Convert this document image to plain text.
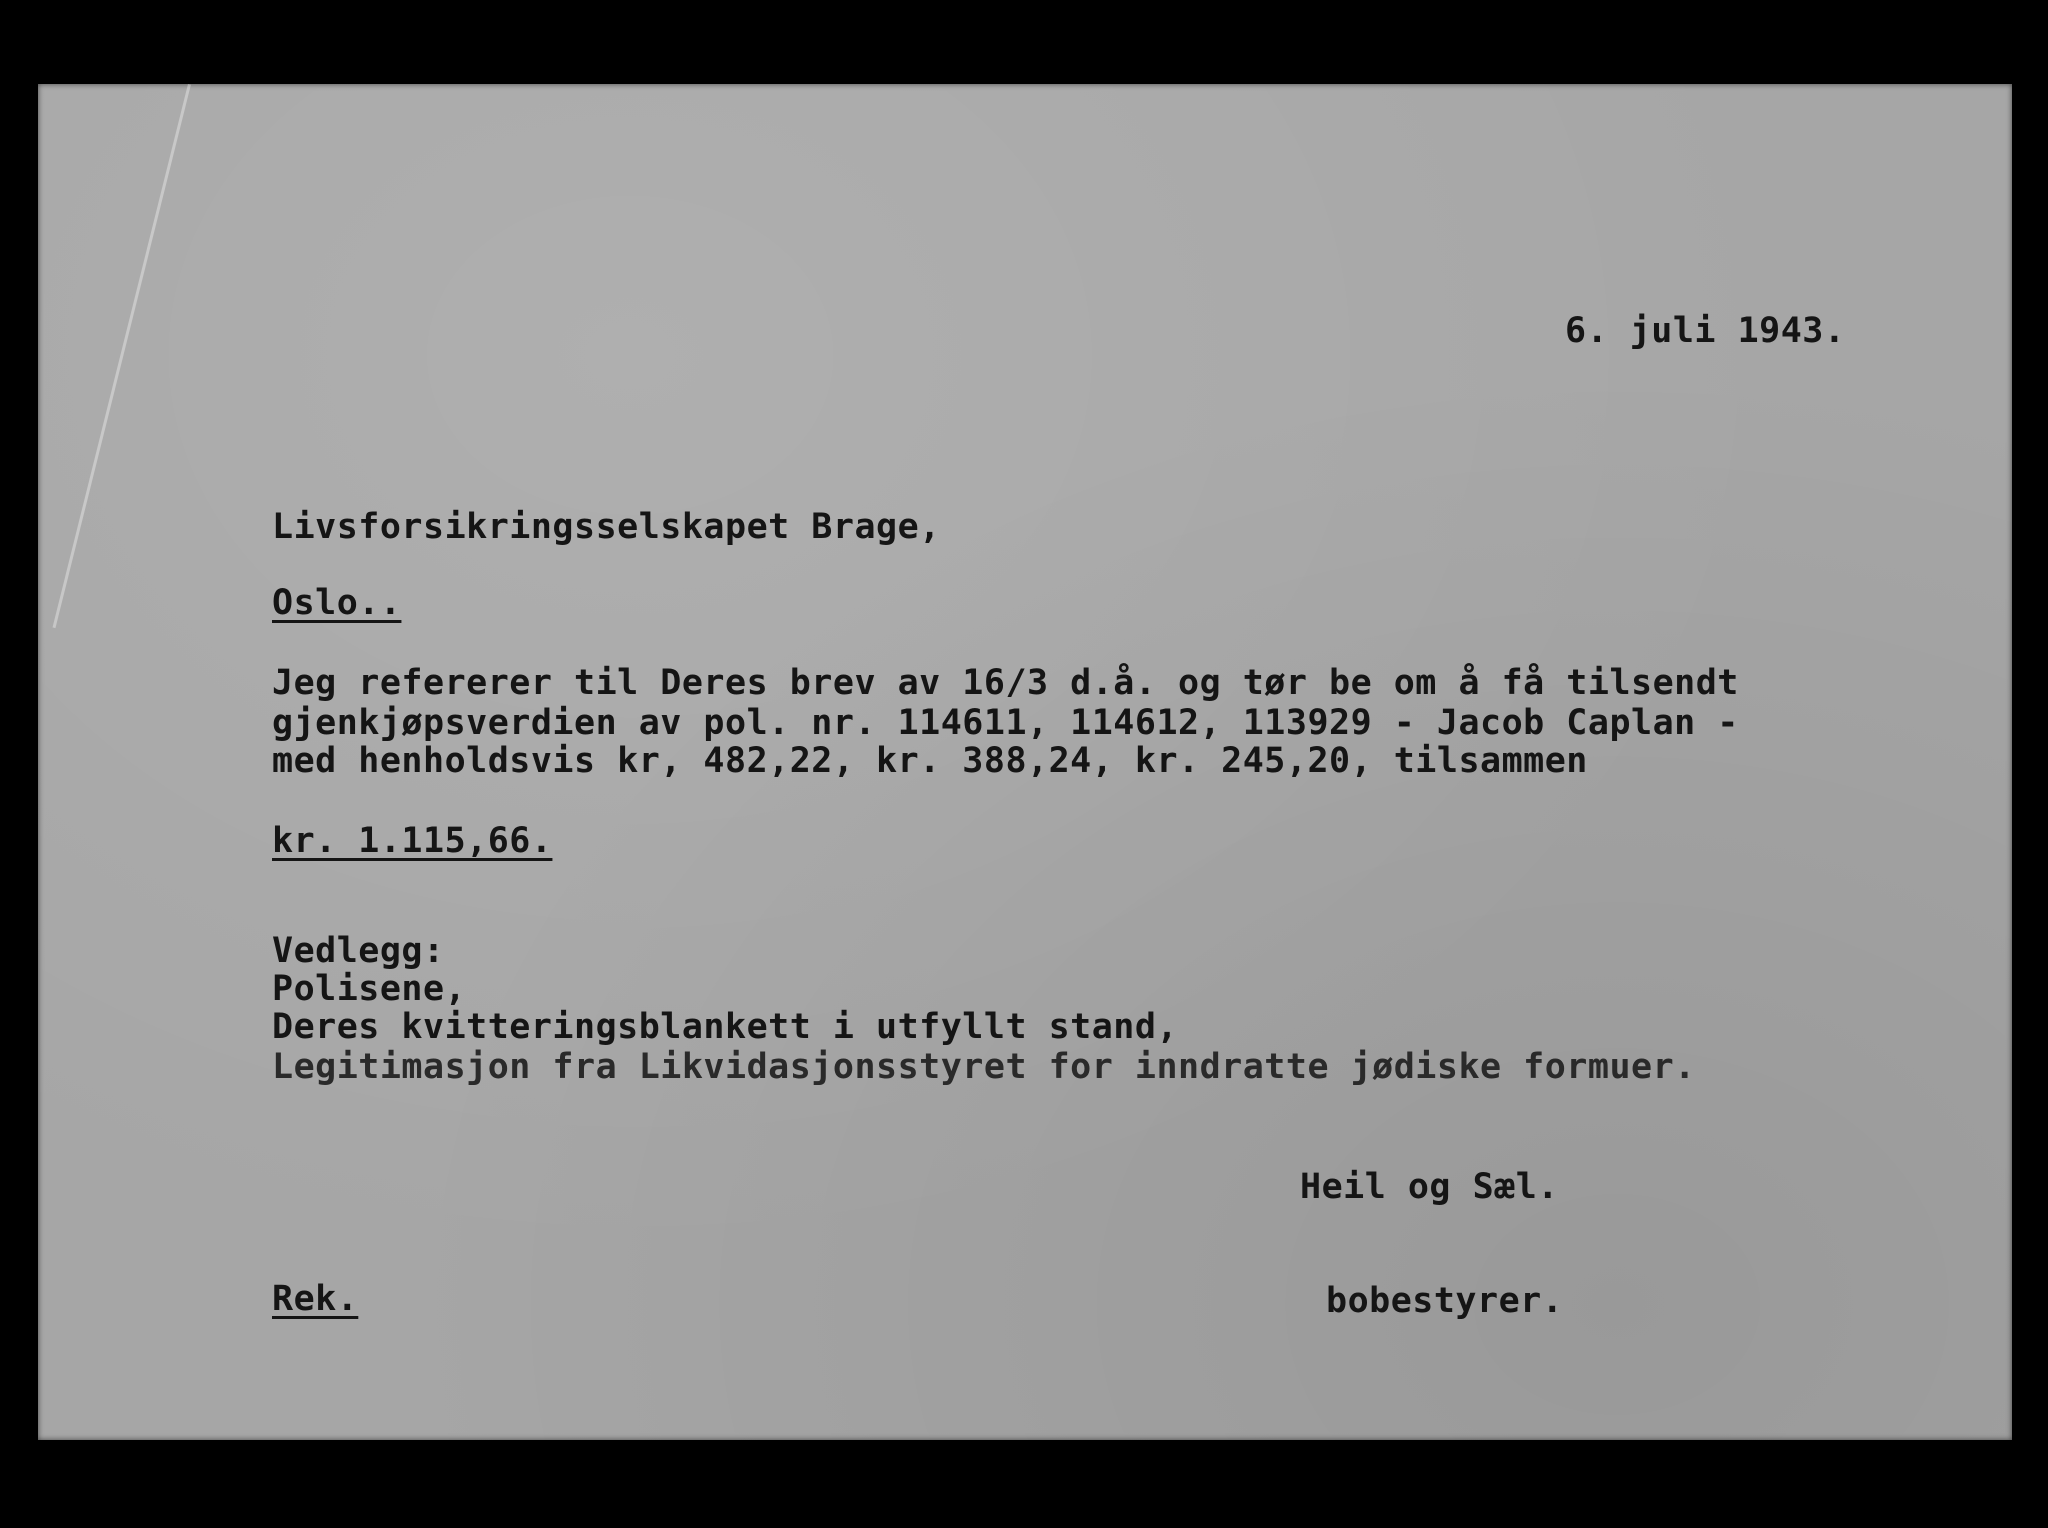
6. juli 1943.
Livsforsikringsselskapet Brage,
Oslo..
Jeg refererer til Deres brev av 16/3 d.å. og tør be om å få tilsendt
gjenkjøpsverdien av pol. nr. 114611, 114612, 113929 - Jacob Caplan -
med henholdsvis kr, 482,22, kr. 388,24, kr. 245,20, tilsammen
kr. 1.115,66.
Vedlegg:
Polisene,
Deres kvitteringsblankett i utfyllt stand,
Legitimasjon fra Likvidasjonsstyret for inndratte jødiske formuer.
Heil og Sæl.
Rek.	bobestyrer.
